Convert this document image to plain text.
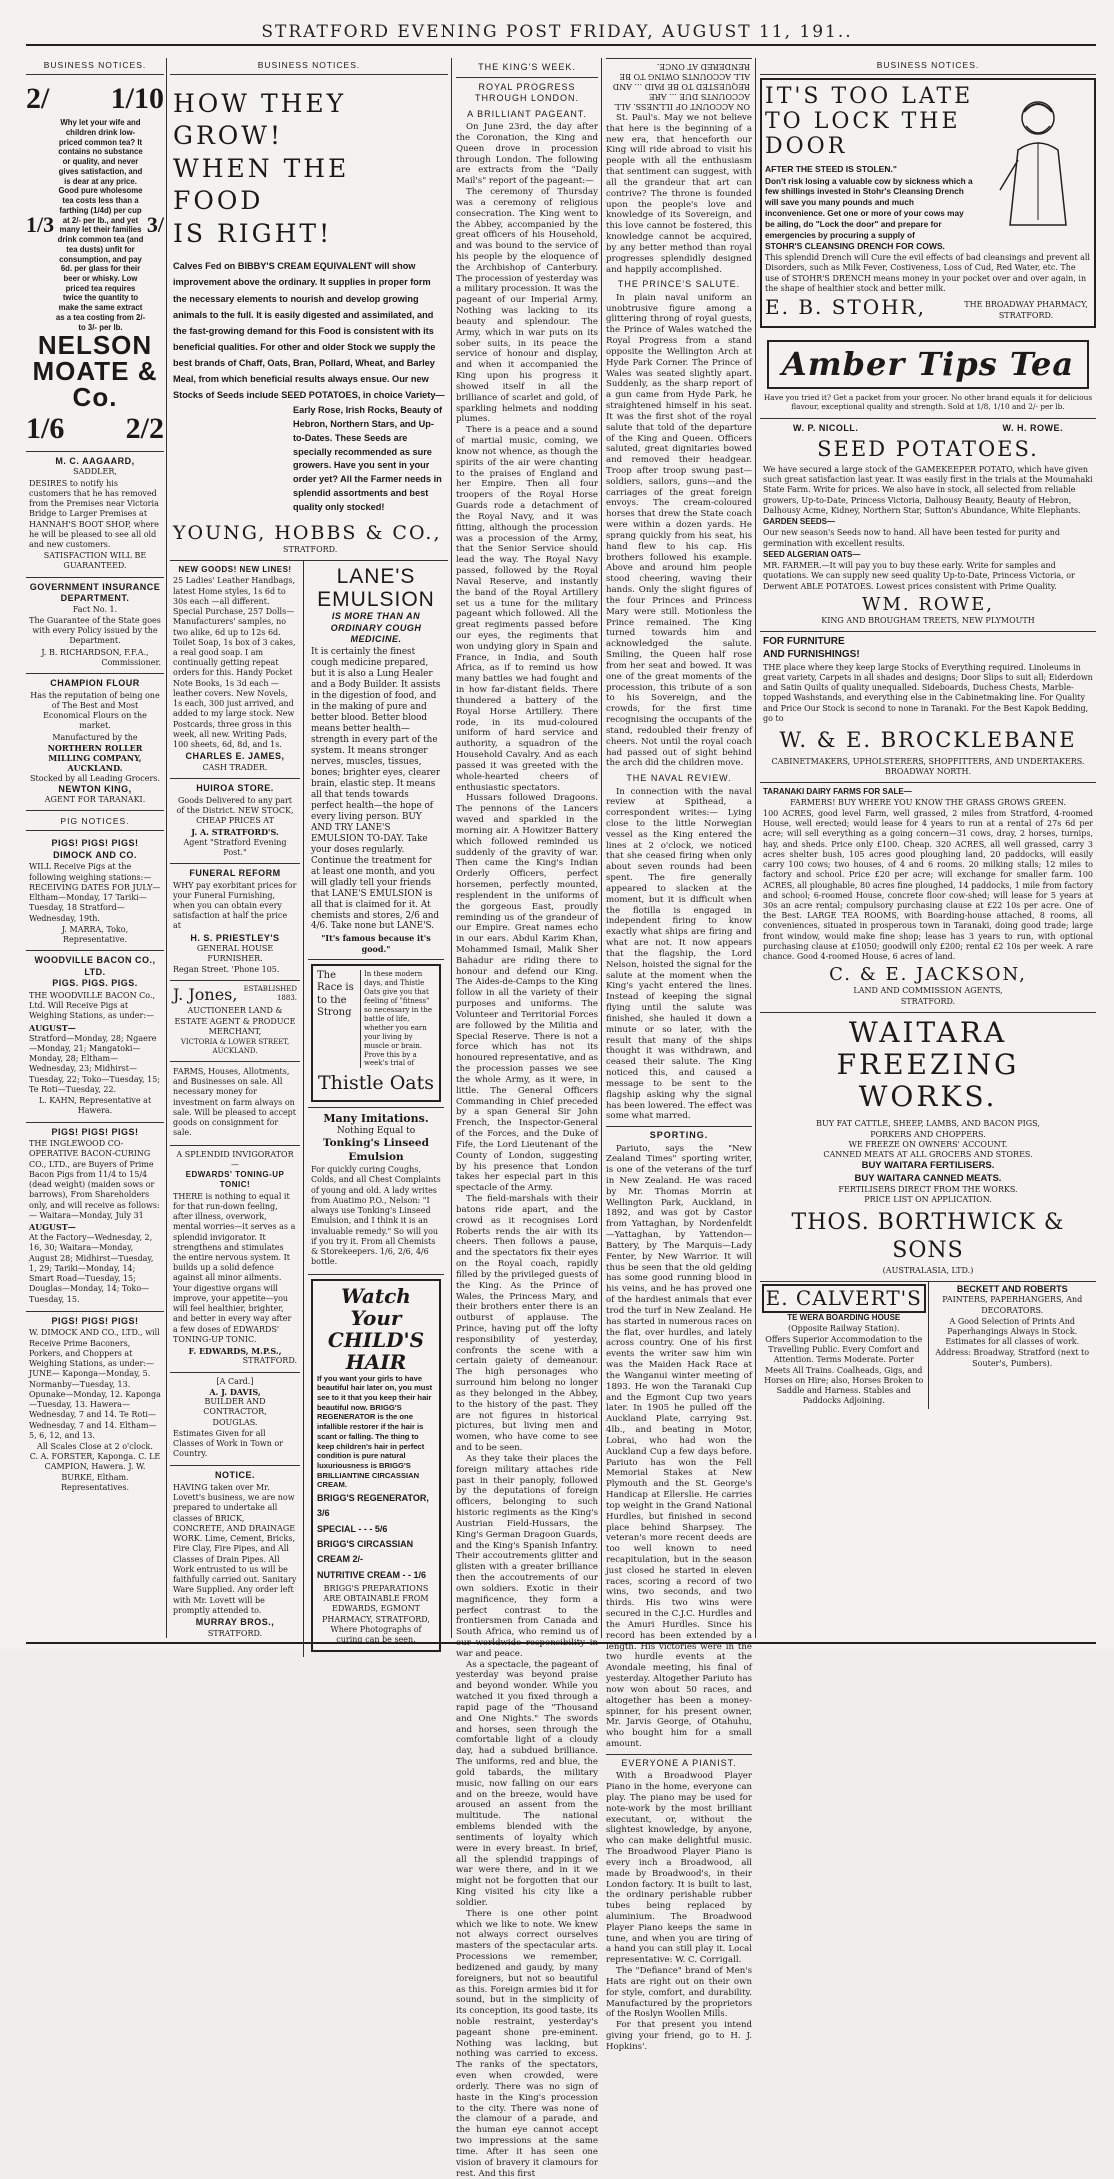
STRATFORD EVENING POST FRIDAY, AUGUST 11, 191..
BUSINESS NOTICES.
2/ 1/10
1/3
Why let your wife and children drink low-priced common tea? It contains no substance or quality, and never gives satisfaction, and is dear at any price. Good pure wholesome tea costs less than a farthing (1/4d) per cup at 2/- per lb., and yet many let their families drink common tea (and tea dusts) unfit for consumption, and pay 6d. per glass for their beer or whisky. Low priced tea requires twice the quantity to make the same extract as a tea costing from 2/- to 3/- per lb.
3/
NELSON MOATE & Co.
1/6 2/2
M. C. AAGAARD,
SADDLER,

DESIRES to notify his customers that he has removed from the Premises near Victoria Bridge to Larger Premises at HANNAH'S BOOT SHOP, where he will be pleased to see all old and new customers.

SATISFACTION WILL BE GUARANTEED.
GOVERNMENT INSURANCE
DEPARTMENT.
Fact No. 1.

The Guarantee of the State goes with every Policy issued by the Department.

J. B. RICHARDSON, F.F.A.,
Commissioner.
CHAMPION FLOUR

Has the reputation of being one of The Best and Most Economical Flours on the market.

Manufactured by the
NORTHERN ROLLER MILLING COMPANY, AUCKLAND.
Stocked by all Leading Grocers.
NEWTON KING,
AGENT FOR TARANAKI.
PIG NOTICES.
PIGS! PIGS! PIGS!
DIMOCK AND CO.

WILL Receive Pigs at the following weighing stations:— RECEIVING DATES FOR JULY— Eltham—Monday, 17 Tariki—Tuesday, 18 Stratford—Wednesday, 19th.

J. MARRA, Toko, Representative.
WOODVILLE BACON CO., LTD.
PIGS. PIGS. PIGS.

THE WOODVILLE BACON Co., Ltd. Will Receive Pigs at Weighing Stations, as under:—

AUGUST—

Stratford—Monday, 28; Ngaere—Monday, 21; Mangatoki—Monday, 28; Eltham—Wednesday, 23; Midhirst—Tuesday, 22; Toko—Tuesday, 15; Te Roti—Tuesday, 22.

L. KAHN, Representative at Hawera.
PIGS! PIGS! PIGS!

THE INGLEWOOD CO-OPERATIVE BACON-CURING CO., LTD., are Buyers of Prime Bacon Pigs from 11/4 to 15/4 (dead weight) (maiden sows or barrows), From Shareholders only, and will receive as follows:— Waitara—Monday, July 31

AUGUST—

At the Factory—Wednesday, 2, 16, 30; Waitara—Monday, August 28; Midhirst—Tuesday, 1, 29; Tariki—Monday, 14; Smart Road—Tuesday, 15; Douglas—Monday, 14; Toko—Tuesday, 15.

PIGS! PIGS! PIGS!

W. DIMOCK AND CO., LTD., will Receive Prime Baconers, Porkers, and Choppers at Weighing Stations, as under:— JUNE— Kaponga—Monday, 5. Normanby—Tuesday, 13. Opunake—Monday, 12. Kaponga—Tuesday, 13. Hawera—Wednesday, 7 and 14. Te Roti—Wednesday, 7 and 14. Eltham—5, 6, 12, and 13.

All Scales Close at 2 o'clock.
C. A. FORSTER, Kaponga. C. LE CAMPION, Hawera. J. W. BURKE, Eltham. Representatives.
BUSINESS NOTICES.
HOW THEY GROW!
WHEN THE FOOD
IS RIGHT!

Calves Fed on BIBBY'S CREAM EQUIVALENT will show improvement above the ordinary. It supplies in proper form the necessary elements to nourish and develop growing animals to the full. It is easily digested and assimilated, and the fast-growing demand for this Food is consistent with its beneficial qualities. For other and older Stock we supply the best brands of Chaff, Oats, Bran, Pollard, Wheat, and Barley Meal, from which beneficial results always ensue. Our new Stocks of Seeds include SEED POTATOES, in choice Variety—

Early Rose, Irish Rocks, Beauty of Hebron, Northern Stars, and Up-to-Dates. These Seeds are specially recommended as sure growers. Have you sent in your order yet? All the Farmer needs in splendid assortments and best quality only stocked!

YOUNG, HOBBS & CO.,
STRATFORD.
NEW GOODS! NEW LINES!

25 Ladies' Leather Handbags, latest Home styles, 1s 6d to 30s each —all different. Special Purchase, 257 Dolls—Manufacturers' samples, no two alike, 6d up to 12s 6d. Toilet Soap, 1s box of 3 cakes, a real good soap. I am continually getting repeat orders for this. Handy Pocket Note Books, 1s 3d each —leather covers. New Novels, 1s each, 300 just arrived, and added to my large stock. New Postcards, three gross in this week, all new. Writing Pads, 100 sheets, 6d, 8d, and 1s.

CHARLES E. JAMES,
CASH TRADER.
HUIROA STORE.

Goods Delivered to any part of the District. NEW STOCK, CHEAP PRICES AT

J. A. STRATFORD'S.
Agent "Stratford Evening Post."
FUNERAL REFORM

WHY pay exorbitant prices for your Funeral Furnishing, when you can obtain every satisfaction at half the price at

H. S. PRIESTLEY'S
GENERAL HOUSE FURNISHER.
Regan Street. 'Phone 105.
J. Jones, ESTABLISHED 1883.

AUCTIONEER LAND & ESTATE AGENT & PRODUCE MERCHANT,

VICTORIA & LOWER STREET, AUCKLAND.

FARMS, Houses, Allotments, and Businesses on sale. All necessary money for investment on farm always on sale. Will be pleased to accept goods on consignment for sale.

A SPLENDID INVIGORATOR—
EDWARDS' TONING-UP TONIC!

THERE is nothing to equal it for that run-down feeling, after illness, overwork, mental worries—it serves as a splendid invigorator. It strengthens and stimulates the entire nervous system. It builds up a solid defence against all minor ailments. Your digestive organs will improve, your appetite—you will feel healthier, brighter, and better in every way after a few doses of EDWARDS' TONING-UP TONIC.

F. EDWARDS, M.P.S.,
STRATFORD.
[A Card.]
A. J. DAVIS,
BUILDER AND CONTRACTOR,
DOUGLAS.

Estimates Given for all Classes of Work in Town or Country.

NOTICE.

HAVING taken over Mr. Lovett's business, we are now prepared to undertake all classes of BRICK, CONCRETE, AND DRAINAGE WORK. Lime, Cement, Bricks, Fire Clay, Fire Pipes, and All Classes of Drain Pipes. All Work entrusted to us will be faithfully carried out. Sanitary Ware Supplied. Any order left with Mr. Lovett will be promptly attended to.

MURRAY BROS.,
STRATFORD.
LANE'S EMULSION
IS MORE THAN AN ORDINARY COUGH MEDICINE.

It is certainly the finest cough medicine prepared, but it is also a Lung Healer and a Body Builder. It assists in the digestion of food, and in the making of pure and better blood. Better blood means better health—strength in every part of the system. It means stronger nerves, muscles, tissues, bones; brighter eyes, clearer brain, elastic step. It means all that tends towards perfect health—the hope of every living person. BUY AND TRY LANE'S EMULSION TO-DAY. Take your doses regularly. Continue the treatment for at least one month, and you will gladly tell your friends that LANE'S EMULSION is all that is claimed for it. At chemists and stores, 2/6 and 4/6. Take none but LANE'S.

"It's famous because it's good."
The Race is to the Strong
In these modern days, and Thistle Oats give you that feeling of "fitness" so necessary in the battle of life, whether you earn your living by muscle or brain. Prove this by a week's trial of
Thistle Oats
Many Imitations.
Nothing Equal to
Tonking's Linseed Emulsion

For quickly curing Coughs, Colds, and all Chest Complaints of young and old. A lady writes from Auatimo P.O., Nelson: "I always use Tonking's Linseed Emulsion, and I think it is an invaluable remedy." So will you if you try it. From all Chemists & Storekeepers. 1/6, 2/6, 4/6 bottle.

Watch Your CHILD'S HAIR

If you want your girls to have beautiful hair later on, you must see to it that you keep their hair beautiful now. BRIGG'S REGENERATOR is the one infallible restorer if the hair is scant or falling. The thing to keep children's hair in perfect condition is pure natural luxuriousness is BRIGG'S BRILLIANTINE CIRCASSIAN CREAM.

BRIGG'S REGENERATOR, 3/6
SPECIAL - - - 5/6
BRIGG'S CIRCASSIAN CREAM 2/-
NUTRITIVE CREAM - - 1/6

BRIGG'S PREPARATIONS ARE OBTAINABLE FROM EDWARDS, EGMONT PHARMACY, STRATFORD, Where Photographs of curing can be seen.

THE KING'S WEEK.
ROYAL PROGRESS THROUGH LONDON.
A BRILLIANT PAGEANT.

On June 23rd, the day after the Coronation, the King and Queen drove in procession through London. The following are extracts from the "Daily Mail's" report of the pageant:—

The ceremony of Thursday was a ceremony of religious consecration. The King went to the Abbey, accompanied by the great officers of his Household, and was bound to the service of his people by the eloquence of the Archbishop of Canterbury. The procession of yesterday was a military procession. It was the pageant of our Imperial Army. Nothing was lacking to its beauty and splendour. The Army, which in war puts on its sober suits, in its peace the service of honour and display, and when it accompanied the King upon his progress it showed itself in all the brilliance of scarlet and gold, of sparkling helmets and nodding plumes.

There is a peace and a sound of martial music, coming, we know not whence, as though the spirits of the air were chanting to the praises of England and her Empire. Then all four troopers of the Royal Horse Guards rode a detachment of the Royal Navy, and it was fitting, although the procession was a procession of the Army, that the Senior Service should lead the way. The Royal Navy passed, followed by the Royal Naval Reserve, and instantly the band of the Royal Artillery set us a tune for the military pageant which followed. All the great regiments passed before our eyes, the regiments that won undying glory in Spain and France, in India, and South Africa, as if to remind us how many battles we had fought and in how far-distant fields. There thundered a battery of the Royal Horse Artillery. There rode, in its mud-coloured uniform of hard service and authority, a squadron of the Household Cavalry. And as each passed it was greeted with the whole-hearted cheers of enthusiastic spectators.

Hussars followed Dragoons. The pennons of the Lancers waved and sparkled in the morning air. A Howitzer Battery which followed reminded us suddenly of the gravity of war. Then came the King's Indian Orderly Officers, perfect horsemen, perfectly mounted, resplendent in the uniforms of the gorgeous East, proudly reminding us of the grandeur of our Empire. Great names echo in our ears. Abdul Karim Khan, Mohammed Ismail, Malik Sher Bahadur are riding there to honour and defend our King. The Aides-de-Camps to the King follow in all the variety of their purposes and uniforms. The Volunteer and Territorial Forces are followed by the Militia and Special Reserve. There is not a force which has not its honoured representative, and as the procession passes we see the whole Army, as it were, in little. The General Officers Commanding in Chief preceded by a span General Sir John French, the Inspector-General of the Forces, and the Duke of Fife, the Lord Lieutenant of the County of London, suggesting by his presence that London takes her especial part in this spectacle of the Army.

The field-marshals with their batons ride apart, and the crowd as it recognises Lord Roberts rends the air with its cheers. Then follows a pause, and the spectators fix their eyes on the Royal coach, rapidly filled by the privileged guests of the King. As the Prince of Wales, the Princess Mary, and their brothers enter there is an outburst of applause. The Prince, having put off the lofty responsibility of yesterday, confronts the scene with a certain gaiety of demeanour. The high personages who surround him belong no longer as they belonged in the Abbey, to the history of the past. They are not figures in historical pictures, but living men and women, who have come to see and to be seen.

As they take their places the foreign military attaches ride past in their panoply, followed by the deputations of foreign officers, belonging to such historic regiments as the King's Austrian Field-Hussars, the King's German Dragoon Guards, and the King's Spanish Infantry. Their accoutrements glitter and glisten with a greater brilliance then the accoutrements of our own soldiers. Exotic in their magnificence, they form a perfect contrast to the frontiersmen from Canada and South Africa, who remind us of our worldwide responsibility in war and peace.

As a spectacle, the pageant of yesterday was beyond praise and beyond wonder. While you watched it you fixed through a rapid page of the "Thousand and One Nights." The swords and horses, seen through the comfortable light of a cloudy day, had a subdued brilliance. The uniforms, red and blue, the gold tabards, the military music, now falling on our ears and on the breeze, would have aroused an assent from the multitude. The national emblems blended with the sentiments of loyalty which were in every breast. In brief, all the splendid trappings of war were there, and in it we might not be forgotten that our King visited his city like a soldier.

There is one other point which we like to note. We knew not always correct ourselves masters of the spectacular arts. Processions we remember, bedizened and gaudy, by many foreigners, but not so beautiful as this. Foreign armies bid it for sound, but in the simplicity of its conception, its good taste, its noble restraint, yesterday's pageant shone pre-eminent. Nothing was lacking, but nothing was carried to excess. The ranks of the spectators, even when crowded, were orderly. There was no sign of haste in the King's procession to the city. There was none of the clamour of a parade, and the human eye cannot accept two impressions at the same time. After it has seen one vision of bravery it clamours for rest. And this first

ON ACCOUNT OF ILLNESS. ALL ACCOUNTS DUE ... ARE REQUESTED TO BE PAID ... AND ALL ACCOUNTS OWING TO BE RENDERED AT ONCE.

St. Paul's. May we not believe that here is the beginning of a new era, that henceforth our King will ride abroad to visit his people with all the enthusiasm that sentiment can suggest, with all the grandeur that art can contrive? The throne is founded upon the people's love and knowledge of its Sovereign, and this love cannot be fostered, this knowledge cannot be acquired, by any better method than royal progresses splendidly designed and happily accomplished.

THE PRINCE'S SALUTE.

In plain naval uniform an unobtrusive figure among a glittering throng of royal guests, the Prince of Wales watched the Royal Progress from a stand opposite the Wellington Arch at Hyde Park Corner. The Prince of Wales was seated slightly apart. Suddenly, as the sharp report of a gun came from Hyde Park, he straightened himself in his seat. It was the first shot of the royal salute that told of the departure of the King and Queen. Officers saluted, great dignitaries bowed and removed their headgear. Troop after troop swung past—soldiers, sailors, guns—and the carriages of the great foreign envoys. The cream-coloured horses that drew the State coach were within a dozen yards. He sprang quickly from his seat, his hand flew to his cap. His brothers followed his example. Above and around him people stood cheering, waving their hands. Only the slight figures of the four Princes and Princess Mary were still. Motionless the Prince remained. The King turned towards him and acknowledged the salute. Smiling, the Queen half rose from her seat and bowed. It was one of the great moments of the procession, this tribute of a son to his Sovereign, and the crowds, for the first time recognising the occupants of the stand, redoubled their frenzy of cheers. Not until the royal coach had passed out of sight behind the arch did the children move.

THE NAVAL REVIEW.

In connection with the naval review at Spithead, a correspondent writes:— Lying close to the little Norwegian vessel as the King entered the lines at 2 o'clock, we noticed that she ceased firing when only about seven rounds had been spent. The fire generally appeared to slacken at the moment, but it is difficult when the flotilla is engaged in independent firing to know exactly what ships are firing and what are not. It now appears that the flagship, the Lord Nelson, hoisted the signal for the salute at the moment when the King's yacht entered the lines. Instead of keeping the signal flying until the salute was finished, she hauled it down a minute or so later, with the result that many of the ships thought it was withdrawn, and ceased their salute. The King noticed this, and caused a message to be sent to the flagship asking why the signal has been lowered. The effect was some what marred.

SPORTING.

Pariuto, says the "New Zealand Times" sporting writer, is one of the veterans of the turf in New Zealand. He was raced by Mr. Thomas Morrin at Wellington Park, Auckland, in 1892, and was got by Castor from Yattaghan, by Nordenfeldt—Yattaghan, by Yattendon—Battery, by The Marquis—Lady Fenter, by New Warrior. It will thus be seen that the old gelding has some good running blood in his veins, and he has proved one of the hardiest animals that ever trod the turf in New Zealand. He has started in numerous races on the flat, over hurdles, and lately across country. One of his first events the writer saw him win was the Maiden Hack Race at the Wanganui winter meeting of 1893. He won the Taranaki Cup and the Egmont Cup two years later. In 1905 he pulled off the Auckland Plate, carrying 9st. 4lb., and beating in Motor, Lobrai, who had won the Auckland Cup a few days before. Pariuto has won the Fell Memorial Stakes at New Plymouth and the St. George's Handicap at Ellerslie. He carries top weight in the Grand National Hurdles, but finished in second place behind Sharpsey. The veteran's more recent deeds are too well known to need recapitulation, but in the season just closed he started in eleven races, scoring a record of two wins, two seconds, and two thirds. His two wins were secured in the C.J.C. Hurdles and the Amuri Hurdles. Since his record has been extended by a length. His victories were in the two hurdle events at the Avondale meeting, his final of yesterday. Altogether Pariuto has now won about 50 races, and altogether has been a money-spinner, for his present owner, Mr. Jarvis George, of Otahuhu, who bought him for a small amount.

EVERYONE A PIANIST.

With a Broadwood Player Piano in the home, everyone can play. The piano may be used for note-work by the most brilliant executant, or, without the slightest knowledge, by anyone, who can make delightful music. The Broadwood Player Piano is every inch a Broadwood, all made by Broadwood's, in their London factory. It is built to last, the ordinary perishable rubber tubes being replaced by aluminium. The Broadwood Player Piano keeps the same in tune, and when you are tiring of a hand you can still play it. Local representative: W. C. Corrigall.

The "Defiance" brand of Men's Hats are right out on their own for style, comfort, and durability. Manufactured by the proprietors of the Roslyn Woollen Mills.

For that present you intend giving your friend, go to H. J. Hopkins'.

BUSINESS NOTICES.
IT'S TOO LATE
TO LOCK THE
DOOR
AFTER THE STEED IS STOLEN."

Don't risk losing a valuable cow by sickness which a few shillings invested in Stohr's Cleansing Drench will save you many pounds and much inconvenience. Get one or more of your cows may be ailing, do "Lock the door" and prepare for emergencies by procuring a supply of

STOHR'S CLEANSING DRENCH FOR COWS.

This splendid Drench will Cure the evil effects of bad cleansings and prevent all Disorders, such as Milk Fever, Costiveness, Loss of Cud, Red Water, etc. The use of STOHR'S DRENCH means money in your pocket over and over again, in the shape of healthier stock and better milk.

E. B. STOHR,	THE BROADWAY PHARMACY, STRATFORD.
Amber Tips Tea

Have you tried it? Get a packet from your grocer. No other brand equals it for delicious flavour, exceptional quality and strength. Sold at 1/8, 1/10 and 2/- per lb.

W. P. NICOLL.	W. H. ROWE.
SEED POTATOES.

We have secured a large stock of the GAMEKEEPER POTATO, which have given such great satisfaction last year. It was easily first in the trials at the Moumahaki State Farm. Write for prices. We also have in stock, all selected from reliable growers, Up-to-Date, Princess Victoria, Dalhousy Beauty, Beauty of Hebron, Dalhousy Acme, Kidney, Northern Star, Sutton's Abundance, White Elephants.

GARDEN SEEDS—

Our new season's Seeds now to hand. All have been tested for purity and germination with excellent results.

SEED ALGERIAN OATS—

MR. FARMER.—It will pay you to buy these early. Write for samples and quotations. We can supply new seed quality Up-to-Date, Princess Victoria, or Derwent ABLE POTATOES. Lowest prices consistent with Prime Quality.

WM. ROWE,
KING AND BROUGHAM TREETS, NEW PLYMOUTH
FOR FURNITURE
AND FURNISHINGS!

THE place where they keep large Stocks of Everything required. Linoleums in great variety, Carpets in all shades and designs; Door Slips to suit all; Eiderdown and Satin Quilts of quality unequalled. Sideboards, Duchess Chests, Marble-topped Washstands, and everything else in the Cabinetmaking line. For Quality and Price Our Stock is second to none in Taranaki. For the Best Kapok Bedding, go to

W. & E. BROCKLEBANE
CABINETMAKERS, UPHOLSTERERS, SHOPFITTERS, AND UNDERTAKERS.
BROADWAY NORTH.
TARANAKI DAIRY FARMS FOR SALE—
FARMERS! BUY WHERE YOU KNOW THE GRASS GROWS GREEN.

100 ACRES, good level Farm, well grassed, 2 miles from Stratford, 4-roomed House, well erected; would lease for 4 years to run at a rental of 27s 6d per acre; will sell everything as a going concern—31 cows, dray, 2 horses, turnips, hay, and sheds. Price only £100. Cheap. 320 ACRES, all well grassed, carry 3 acres shelter bush, 105 acres good ploughing land, 20 paddocks, will easily carry 100 cows; two houses, of 4 and 6 rooms. 20 milking stalls; 12 miles to factory and school. Price £20 per acre; will exchange for smaller farm. 100 ACRES, all ploughable, 80 acres fine ploughed, 14 paddocks, 1 mile from factory and school; 6-roomed House, concrete floor cow-shed; will lease for 5 years at 30s an acre rental; compulsory purchasing clause at £22 10s per acre. One of the Best. LARGE TEA ROOMS, with Boarding-house attached, 8 rooms, all conveniences, situated in prosperous town in Taranaki, doing good trade; large front window, would make fine shop; lease has 3 years to run, with optional purchasing clause at £1050; goodwill only £200; rental £2 10s per week. A rare chance. Good 4-roomed House, 6 acres of land.

C. & E. JACKSON,
LAND AND COMMISSION AGENTS,
STRATFORD.
WAITARA
FREEZING WORKS.
BUY FAT CATTLE, SHEEP, LAMBS, AND BACON PIGS,
PORKERS AND CHOPPERS.
WE FREEZE ON OWNERS' ACCOUNT.
CANNED MEATS AT ALL GROCERS AND STORES.
BUY WAITARA FERTILISERS.
BUY WAITARA CANNED MEATS.
FERTILISERS DIRECT FROM THE WORKS.
PRICE LIST ON APPLICATION.
THOS. BORTHWICK & SONS
(AUSTRALASIA, LTD.)
E. CALVERT'S
TE WERA BOARDING HOUSE
(Opposite Railway Station).

Offers Superior Accommodation to the Travelling Public. Every Comfort and Attention. Terms Moderate. Porter Meets All Trains. Coalheads, Gigs, and Horses on Hire; also, Horses Broken to Saddle and Harness. Stables and Paddocks Adjoining.

BECKETT AND ROBERTS
PAINTERS, PAPERHANGERS, And DECORATORS.

A Good Selection of Prints And Paperhangings Always in Stock. Estimates for all classes of work.

Address: Broadway, Stratford (next to Souter's, Pumbers).
